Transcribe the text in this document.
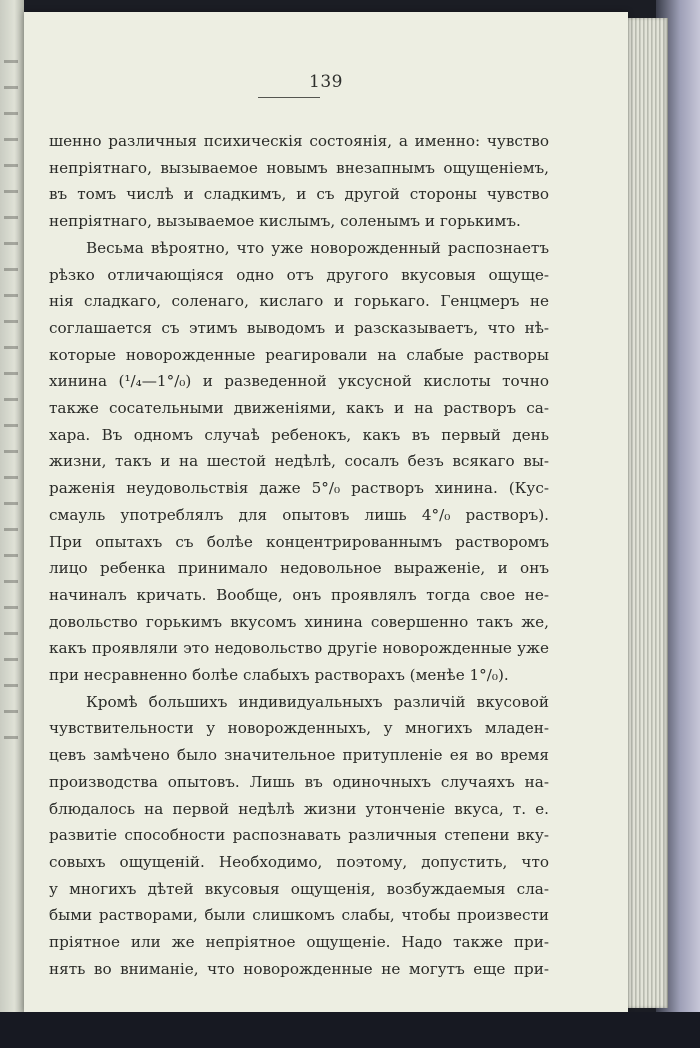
139
шенно различныя психическія состоянія, а именно: чувство
непріятнаго, вызываемое новымъ внезапнымъ ощущеніемъ,
въ томъ числѣ и сладкимъ, и съ другой стороны чувство
непріятнаго, вызываемое кислымъ, соленымъ и горькимъ.
Весьма вѣроятно, что уже новорожденный распознаетъ
рѣзко отличающіяся одно отъ другого вкусовыя ощуще-
нія сладкаго, соленаго, кислаго и горькаго. Генцмеръ не
соглашается съ этимъ выводомъ и разсказываетъ, что нѣ-
которые новорожденные реагировали на слабые растворы
хинина (¹/₄—1°/₀) и разведенной уксусной кислоты точно
также сосательными движеніями, какъ и на растворъ са-
хара. Въ одномъ случаѣ ребенокъ, какъ въ первый день
жизни, такъ и на шестой недѣлѣ, сосалъ безъ всякаго вы-
раженія неудовольствія даже 5°/₀ растворъ хинина. (Кус-
смауль употреблялъ для опытовъ лишь 4°/₀ растворъ).
При опытахъ съ болѣе концентрированнымъ растворомъ
лицо ребенка принимало недовольное выраженіе, и онъ
начиналъ кричать. Вообще, онъ проявлялъ тогда свое не-
довольство горькимъ вкусомъ хинина совершенно такъ же,
какъ проявляли это недовольство другіе новорожденные уже
при несравненно болѣе слабыхъ растворахъ (менѣе 1°/₀).
Кромѣ большихъ индивидуальныхъ различій вкусовой
чувствительности у новорожденныхъ, у многихъ младен-
цевъ замѣчено было значительное притупленіе ея во время
производства опытовъ. Лишь въ одиночныхъ случаяхъ на-
блюдалось на первой недѣлѣ жизни утонченіе вкуса, т. е.
развитіе способности распознавать различныя степени вку-
совыхъ ощущеній. Необходимо, поэтому, допустить, что
у многихъ дѣтей вкусовыя ощущенія, возбуждаемыя сла-
быми растворами, были слишкомъ слабы, чтобы произвести
пріятное или же непріятное ощущеніе. Надо также при-
нять во вниманіе, что новорожденные не могутъ еще при-
